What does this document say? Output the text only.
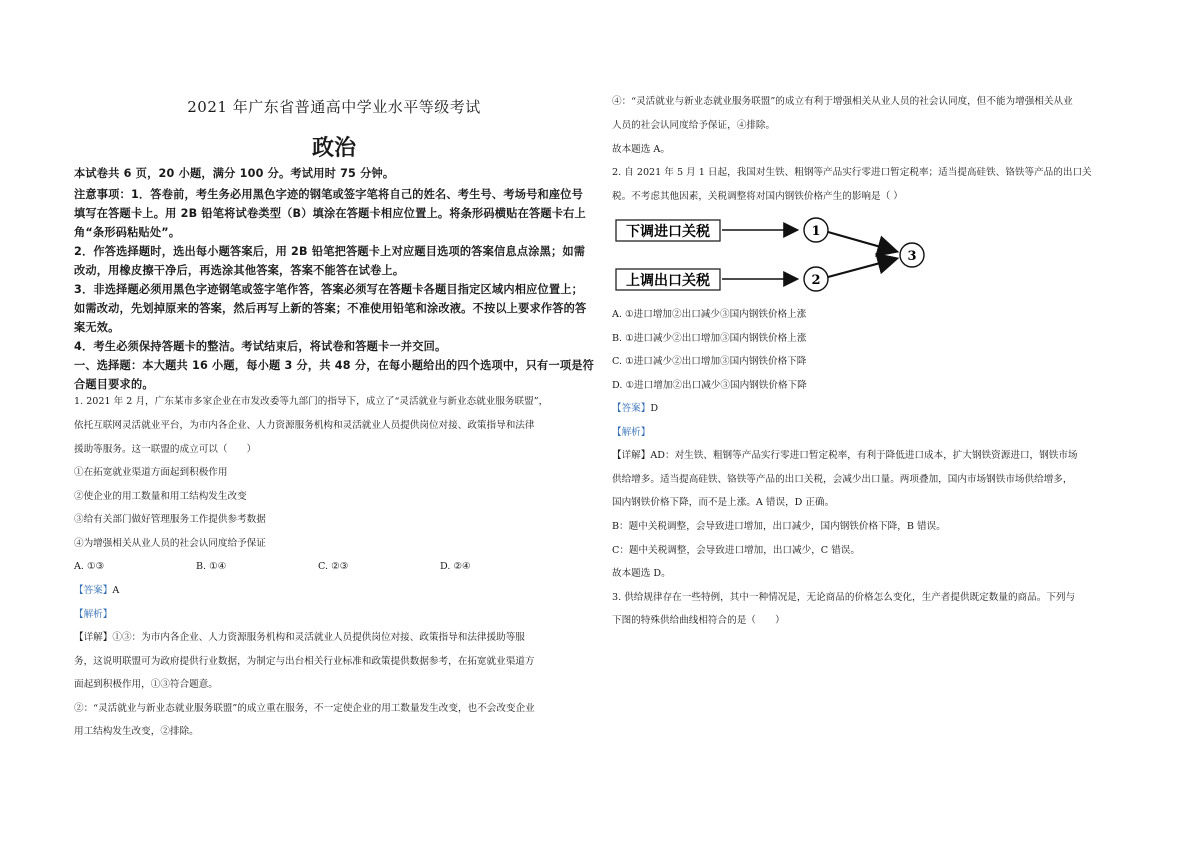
2021 年广东省普通高中学业水平等级考试
政治
本试卷共 6 页，20 小题，满分 100 分。考试用时 75 分钟。
注意事项：1．答卷前，考生务必用黑色字迹的钢笔或签字笔将自己的姓名、考生号、考场号和座位号填写在答题卡上。用 2B 铅笔将试卷类型（B）填涂在答题卡相应位置上。将条形码横贴在答题卡右上角“条形码粘贴处”。
2．作答选择题时，选出每小题答案后，用 2B 铅笔把答题卡上对应题目选项的答案信息点涂黑；如需改动，用橡皮擦干净后，再选涂其他答案，答案不能答在试卷上。
3．非选择题必须用黑色字迹钢笔或签字笔作答，答案必须写在答题卡各题目指定区域内相应位置上；如需改动，先划掉原来的答案，然后再写上新的答案；不准使用铅笔和涂改液。不按以上要求作答的答案无效。
4．考生必须保持答题卡的整洁。考试结束后，将试卷和答题卡一并交回。
一、选择题：本大题共 16 小题，每小题 3 分，共 48 分，在每小题给出的四个选项中，只有一项是符合题目要求的。
1. 2021 年 2 月，广东某市多家企业在市发改委等九部门的指导下，成立了“灵活就业与新业态就业服务联盟”，
依托互联网灵活就业平台，为市内各企业、人力资源服务机构和灵活就业人员提供岗位对接、政策指导和法律
援助等服务。这一联盟的成立可以（　　）
①在拓宽就业渠道方面起到积极作用
②使企业的用工数量和用工结构发生改变
③给有关部门做好管理服务工作提供参考数据
④为增强相关从业人员的社会认同度给予保证
A. ①③	B. ①④	C. ②③	D. ②④
【答案】A
【解析】
【详解】①③：为市内各企业、人力资源服务机构和灵活就业人员提供岗位对接、政策指导和法律援助等服
务，这说明联盟可为政府提供行业数据，为制定与出台相关行业标准和政策提供数据参考，在拓宽就业渠道方
面起到积极作用，①③符合题意。
②：“灵活就业与新业态就业服务联盟”的成立重在服务，不一定使企业的用工数量发生改变，也不会改变企业
用工结构发生改变，②排除。
④：“灵活就业与新业态就业服务联盟”的成立有利于增强相关从业人员的社会认同度，但不能为增强相关从业
人员的社会认同度给予保证，④排除。
故本题选 A。
2. 自 2021 年 5 月 1 日起，我国对生铁、粗钢等产品实行零进口暂定税率；适当提高硅铁、铬铁等产品的出口关
税。不考虑其他因素，关税调整将对国内钢铁价格产生的影响是（ ）
下调进口关税
上调出口关税
1
2
3
A. ①进口增加②出口减少③国内钢铁价格上涨
B. ①进口减少②出口增加③国内钢铁价格上涨
C. ①进口减少②出口增加③国内钢铁价格下降
D. ①进口增加②出口减少③国内钢铁价格下降
【答案】D
【解析】
【详解】AD：对生铁、粗钢等产品实行零进口暂定税率，有利于降低进口成本，扩大钢铁资源进口，钢铁市场
供给增多。适当提高硅铁、铬铁等产品的出口关税，会减少出口量。两项叠加，国内市场钢铁市场供给增多，
国内钢铁价格下降，而不是上涨。A 错误，D 正确。
B：题中关税调整，会导致进口增加，出口减少，国内钢铁价格下降，B 错误。
C：题中关税调整，会导致进口增加，出口减少，C 错误。
故本题选 D。
3. 供给规律存在一些特例，其中一种情况是，无论商品的价格怎么变化，生产者提供既定数量的商品。下列与
下图的特殊供给曲线相符合的是（　　）
